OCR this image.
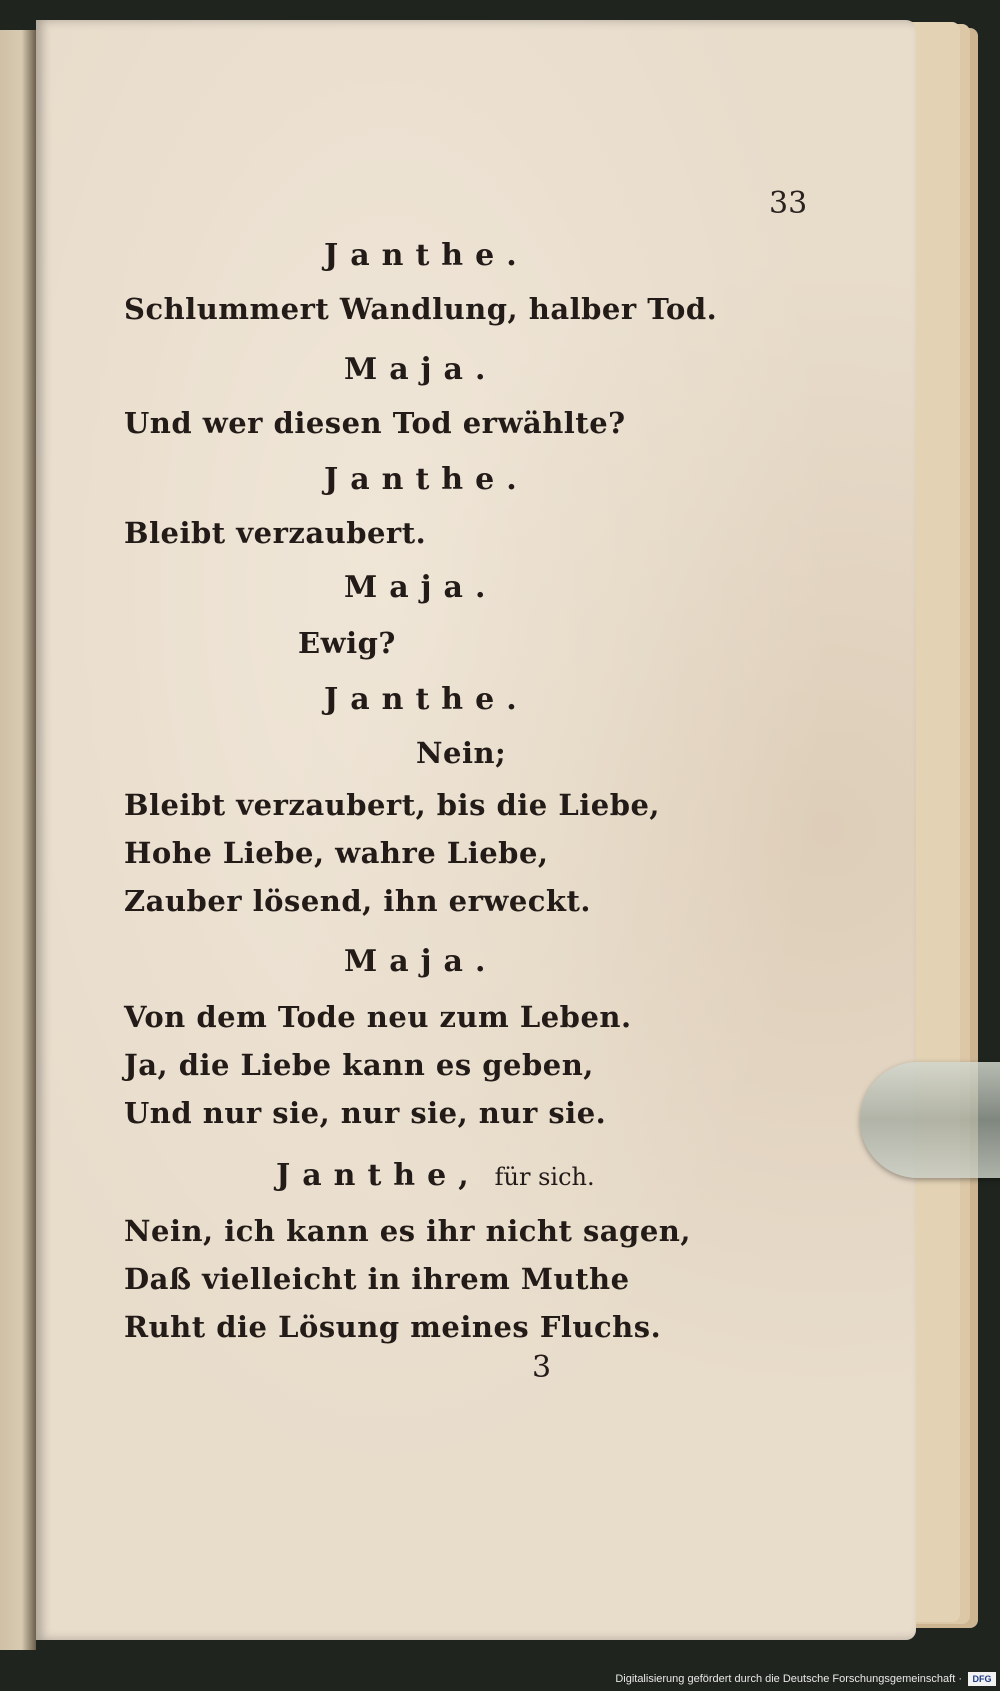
33
Janthe.
Schlummert Wandlung, halber Tod.
Maja.
Und wer diesen Tod erwählte?
Janthe.
Bleibt verzaubert.
Maja.
Ewig?
Janthe.
Nein;
Bleibt verzaubert, bis die Liebe,
Hohe Liebe, wahre Liebe,
Zauber lösend, ihn erweckt.
Maja.
Von dem Tode neu zum Leben.
Ja, die Liebe kann es geben,
Und nur sie, nur sie, nur sie.
Janthe, für sich.
Nein, ich kann es ihr nicht sagen,
Daß vielleicht in ihrem Muthe
Ruht die Lösung meines Fluchs.
3
Digitalisierung gefördert durch die Deutsche Forschungsgemeinschaft ·	DFG
